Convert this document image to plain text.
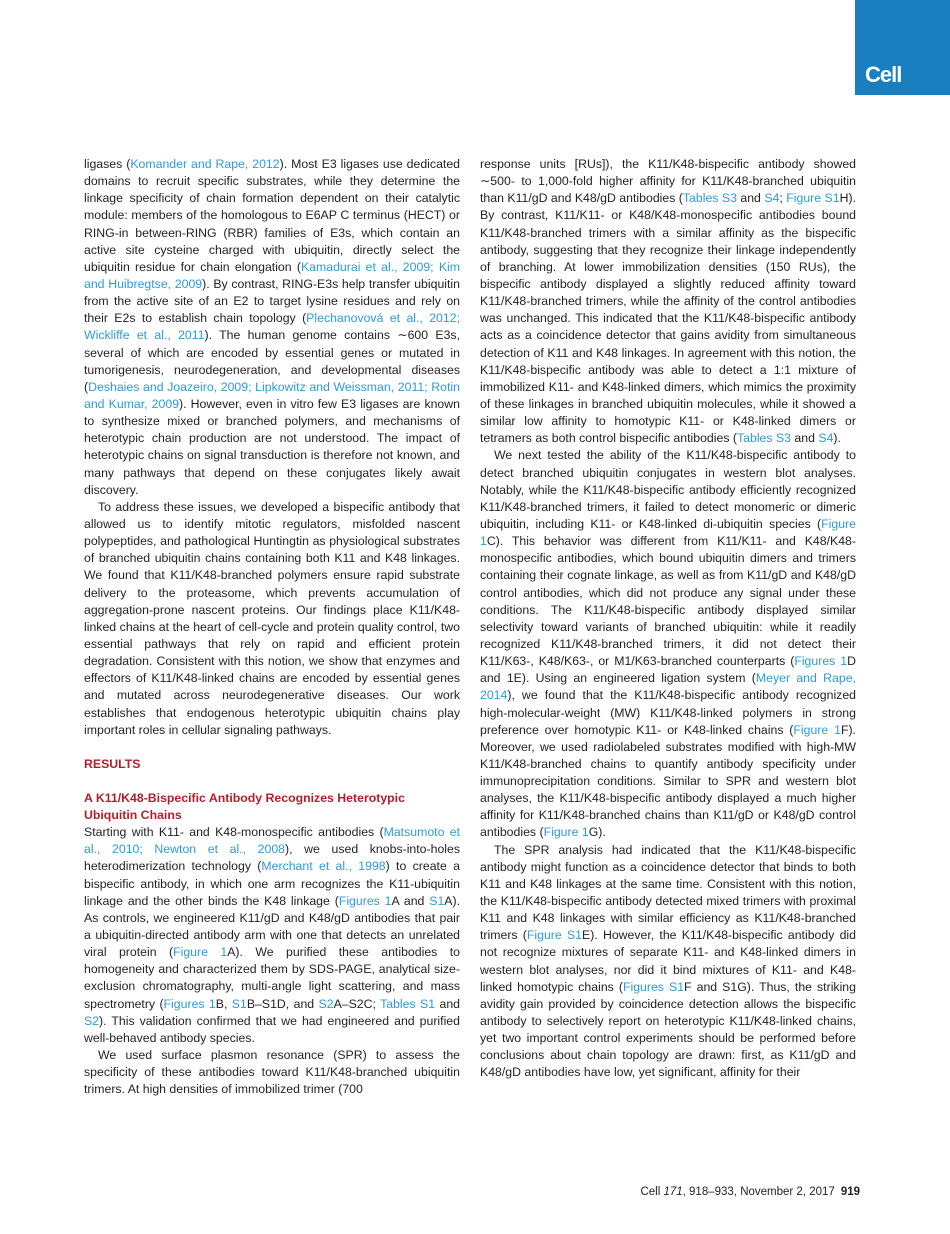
Cell

ligases (Komander and Rape, 2012). Most E3 ligases use dedicated domains to recruit specific substrates, while they determine the linkage specificity of chain formation dependent on their catalytic module: members of the homologous to E6AP C terminus (HECT) or RING-in between-RING (RBR) families of E3s, which contain an active site cysteine charged with ubiquitin, directly select the ubiquitin residue for chain elongation (Kamadurai et al., 2009; Kim and Huibregtse, 2009). By contrast, RING-E3s help transfer ubiquitin from the active site of an E2 to target lysine residues and rely on their E2s to establish chain topology (Plechanovová et al., 2012; Wickliffe et al., 2011). The human genome contains ∼600 E3s, several of which are encoded by essential genes or mutated in tumorigenesis, neurodegeneration, and developmental diseases (Deshaies and Joazeiro, 2009; Lipkowitz and Weissman, 2011; Rotin and Kumar, 2009). However, even in vitro few E3 ligases are known to synthesize mixed or branched polymers, and mechanisms of heterotypic chain production are not understood. The impact of heterotypic chains on signal transduction is therefore not known, and many pathways that depend on these conjugates likely await discovery.

To address these issues, we developed a bispecific antibody that allowed us to identify mitotic regulators, misfolded nascent polypeptides, and pathological Huntingtin as physiological substrates of branched ubiquitin chains containing both K11 and K48 linkages. We found that K11/K48-branched polymers ensure rapid substrate delivery to the proteasome, which prevents accumulation of aggregation-prone nascent proteins. Our findings place K11/K48-linked chains at the heart of cell-cycle and protein quality control, two essential pathways that rely on rapid and efficient protein degradation. Consistent with this notion, we show that enzymes and effectors of K11/K48-linked chains are encoded by essential genes and mutated across neurodegenerative diseases. Our work establishes that endogenous heterotypic ubiquitin chains play important roles in cellular signaling pathways.

RESULTS
A K11/K48-Bispecific Antibody Recognizes Heterotypic Ubiquitin Chains

Starting with K11- and K48-monospecific antibodies (Matsumoto et al., 2010; Newton et al., 2008), we used knobs-into-holes heterodimerization technology (Merchant et al., 1998) to create a bispecific antibody, in which one arm recognizes the K11-ubiquitin linkage and the other binds the K48 linkage (Figures 1A and S1A). As controls, we engineered K11/gD and K48/gD antibodies that pair a ubiquitin-directed antibody arm with one that detects an unrelated viral protein (Figure 1A). We purified these antibodies to homogeneity and characterized them by SDS-PAGE, analytical size-exclusion chromatography, multi-angle light scattering, and mass spectrometry (Figures 1B, S1B–S1D, and S2A–S2C; Tables S1 and S2). This validation confirmed that we had engineered and purified well-behaved antibody species.

We used surface plasmon resonance (SPR) to assess the specificity of these antibodies toward K11/K48-branched ubiquitin trimers. At high densities of immobilized trimer (700

response units [RUs]), the K11/K48-bispecific antibody showed ∼500- to 1,000-fold higher affinity for K11/K48-branched ubiquitin than K11/gD and K48/gD antibodies (Tables S3 and S4; Figure S1H). By contrast, K11/K11- or K48/K48-monospecific antibodies bound K11/K48-branched trimers with a similar affinity as the bispecific antibody, suggesting that they recognize their linkage independently of branching. At lower immobilization densities (150 RUs), the bispecific antibody displayed a slightly reduced affinity toward K11/K48-branched trimers, while the affinity of the control antibodies was unchanged. This indicated that the K11/K48-bispecific antibody acts as a coincidence detector that gains avidity from simultaneous detection of K11 and K48 linkages. In agreement with this notion, the K11/K48-bispecific antibody was able to detect a 1:1 mixture of immobilized K11- and K48-linked dimers, which mimics the proximity of these linkages in branched ubiquitin molecules, while it showed a similar low affinity to homotypic K11- or K48-linked dimers or tetramers as both control bispecific antibodies (Tables S3 and S4).

We next tested the ability of the K11/K48-bispecific antibody to detect branched ubiquitin conjugates in western blot analyses. Notably, while the K11/K48-bispecific antibody efficiently recognized K11/K48-branched trimers, it failed to detect monomeric or dimeric ubiquitin, including K11- or K48-linked di-ubiquitin species (Figure 1C). This behavior was different from K11/K11- and K48/K48-monospecific antibodies, which bound ubiquitin dimers and trimers containing their cognate linkage, as well as from K11/gD and K48/gD control antibodies, which did not produce any signal under these conditions. The K11/K48-bispecific antibody displayed similar selectivity toward variants of branched ubiquitin: while it readily recognized K11/K48-branched trimers, it did not detect their K11/K63-, K48/K63-, or M1/K63-branched counterparts (Figures 1D and 1E). Using an engineered ligation system (Meyer and Rape, 2014), we found that the K11/K48-bispecific antibody recognized high-molecular-weight (MW) K11/K48-linked polymers in strong preference over homotypic K11- or K48-linked chains (Figure 1F). Moreover, we used radiolabeled substrates modified with high-MW K11/K48-branched chains to quantify antibody specificity under immunoprecipitation conditions. Similar to SPR and western blot analyses, the K11/K48-bispecific antibody displayed a much higher affinity for K11/K48-branched chains than K11/gD or K48/gD control antibodies (Figure 1G).

The SPR analysis had indicated that the K11/K48-bispecific antibody might function as a coincidence detector that binds to both K11 and K48 linkages at the same time. Consistent with this notion, the K11/K48-bispecific antibody detected mixed trimers with proximal K11 and K48 linkages with similar efficiency as K11/K48-branched trimers (Figure S1E). However, the K11/K48-bispecific antibody did not recognize mixtures of separate K11- and K48-linked dimers in western blot analyses, nor did it bind mixtures of K11- and K48-linked homotypic chains (Figures S1F and S1G). Thus, the striking avidity gain provided by coincidence detection allows the bispecific antibody to selectively report on heterotypic K11/K48-linked chains, yet two important control experiments should be performed before conclusions about chain topology are drawn: first, as K11/gD and K48/gD antibodies have low, yet significant, affinity for their

Cell 171, 918–933, November 2, 2017 919
